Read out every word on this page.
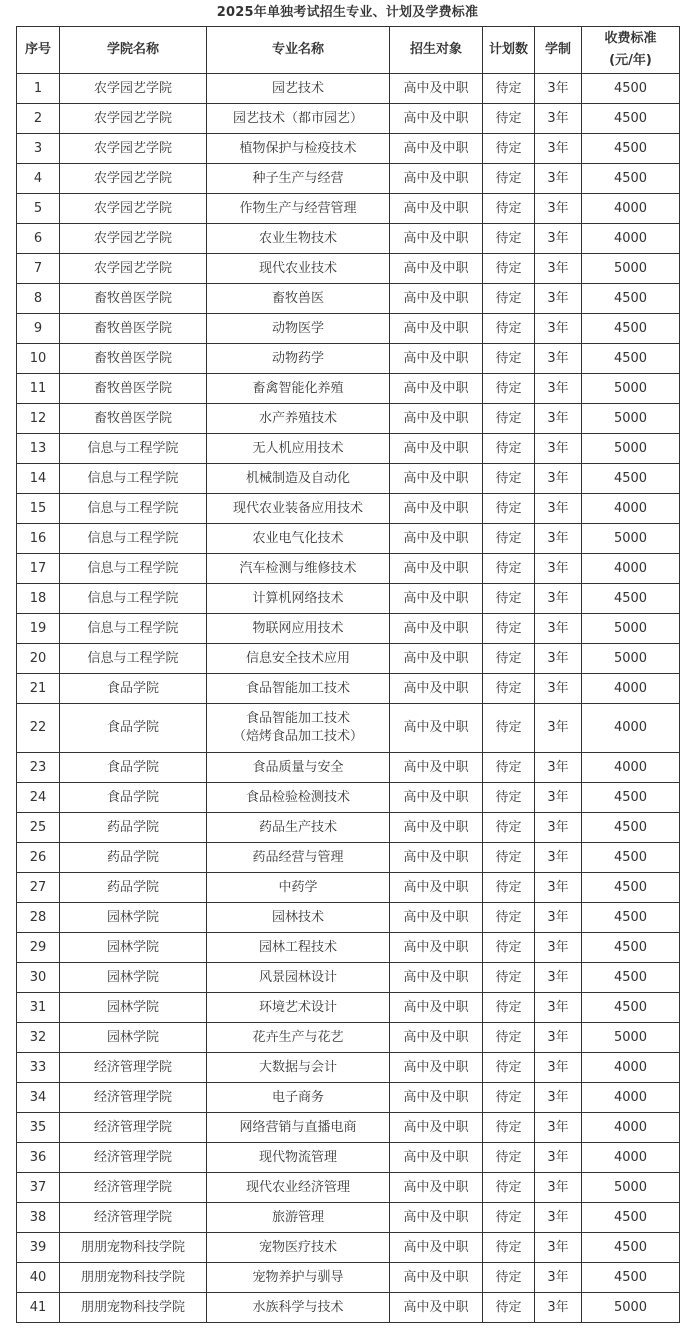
2025年单独考试招生专业、计划及学费标准
序号	学院名称	专业名称	招生对象	计划数	学制	收费标准
(元/年)

1	农学园艺学院	园艺技术	高中及中职	待定	3年	4500
2	农学园艺学院	园艺技术（都市园艺）	高中及中职	待定	3年	4500
3	农学园艺学院	植物保护与检疫技术	高中及中职	待定	3年	4500
4	农学园艺学院	种子生产与经营	高中及中职	待定	3年	4500
5	农学园艺学院	作物生产与经营管理	高中及中职	待定	3年	4000
6	农学园艺学院	农业生物技术	高中及中职	待定	3年	4000
7	农学园艺学院	现代农业技术	高中及中职	待定	3年	5000
8	畜牧兽医学院	畜牧兽医	高中及中职	待定	3年	4500
9	畜牧兽医学院	动物医学	高中及中职	待定	3年	4500
10	畜牧兽医学院	动物药学	高中及中职	待定	3年	4500
11	畜牧兽医学院	畜禽智能化养殖	高中及中职	待定	3年	5000
12	畜牧兽医学院	水产养殖技术	高中及中职	待定	3年	5000
13	信息与工程学院	无人机应用技术	高中及中职	待定	3年	5000
14	信息与工程学院	机械制造及自动化	高中及中职	待定	3年	4500
15	信息与工程学院	现代农业装备应用技术	高中及中职	待定	3年	4000
16	信息与工程学院	农业电气化技术	高中及中职	待定	3年	5000
17	信息与工程学院	汽车检测与维修技术	高中及中职	待定	3年	4000
18	信息与工程学院	计算机网络技术	高中及中职	待定	3年	4500
19	信息与工程学院	物联网应用技术	高中及中职	待定	3年	5000
20	信息与工程学院	信息安全技术应用	高中及中职	待定	3年	5000
21	食品学院	食品智能加工技术	高中及中职	待定	3年	4000
22	食品学院	食品智能加工技术
（焙烤食品加工技术）	高中及中职	待定	3年	4000
23	食品学院	食品质量与安全	高中及中职	待定	3年	4000
24	食品学院	食品检验检测技术	高中及中职	待定	3年	4500
25	药品学院	药品生产技术	高中及中职	待定	3年	4500
26	药品学院	药品经营与管理	高中及中职	待定	3年	4500
27	药品学院	中药学	高中及中职	待定	3年	4500
28	园林学院	园林技术	高中及中职	待定	3年	4500
29	园林学院	园林工程技术	高中及中职	待定	3年	4500
30	园林学院	风景园林设计	高中及中职	待定	3年	4500
31	园林学院	环境艺术设计	高中及中职	待定	3年	4500
32	园林学院	花卉生产与花艺	高中及中职	待定	3年	5000
33	经济管理学院	大数据与会计	高中及中职	待定	3年	4000
34	经济管理学院	电子商务	高中及中职	待定	3年	4000
35	经济管理学院	网络营销与直播电商	高中及中职	待定	3年	4000
36	经济管理学院	现代物流管理	高中及中职	待定	3年	4000
37	经济管理学院	现代农业经济管理	高中及中职	待定	3年	5000
38	经济管理学院	旅游管理	高中及中职	待定	3年	4500
39	朋朋宠物科技学院	宠物医疗技术	高中及中职	待定	3年	4500
40	朋朋宠物科技学院	宠物养护与驯导	高中及中职	待定	3年	4500
41	朋朋宠物科技学院	水族科学与技术	高中及中职	待定	3年	5000
